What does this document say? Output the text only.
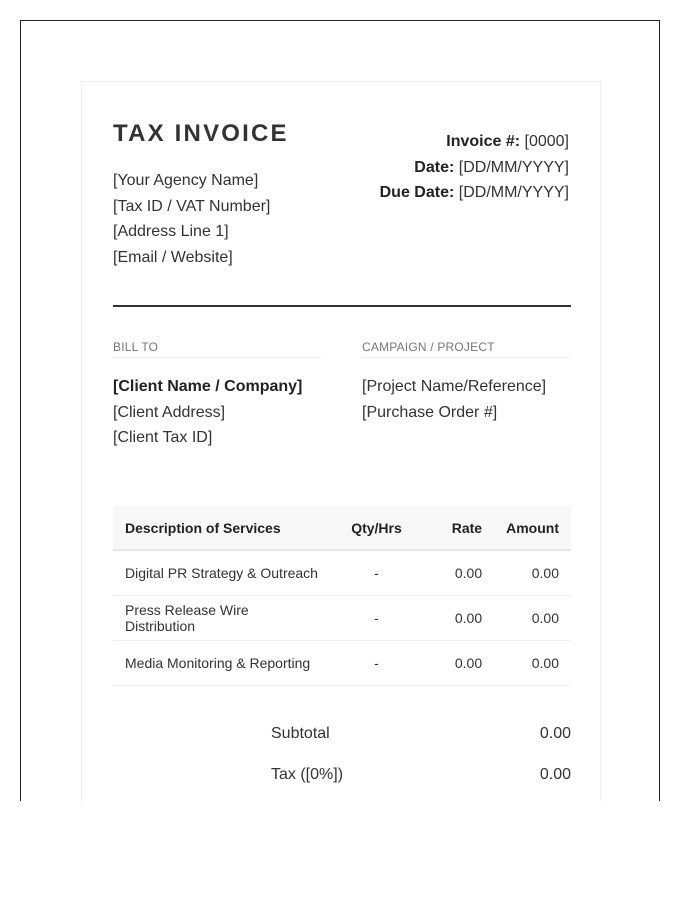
TAX INVOICE
[Your Agency Name]
[Tax ID / VAT Number]
[Address Line 1]
[Email / Website]
Invoice #: [0000]
Date: [DD/MM/YYYY]
Due Date: [DD/MM/YYYY]
BILL TO	CAMPAIGN / PROJECT
[Client Name / Company]
[Client Address]
[Client Tax ID]
[Project Name/Reference]
[Purchase Order #]
Description of Services	Qty/Hrs	Rate	Amount
Digital PR Strategy & Outreach	-	0.00	0.00
Press Release Wire Distribution	-	0.00	0.00
Media Monitoring & Reporting	-	0.00	0.00
Subtotal	0.00
Tax ([0%])	0.00
